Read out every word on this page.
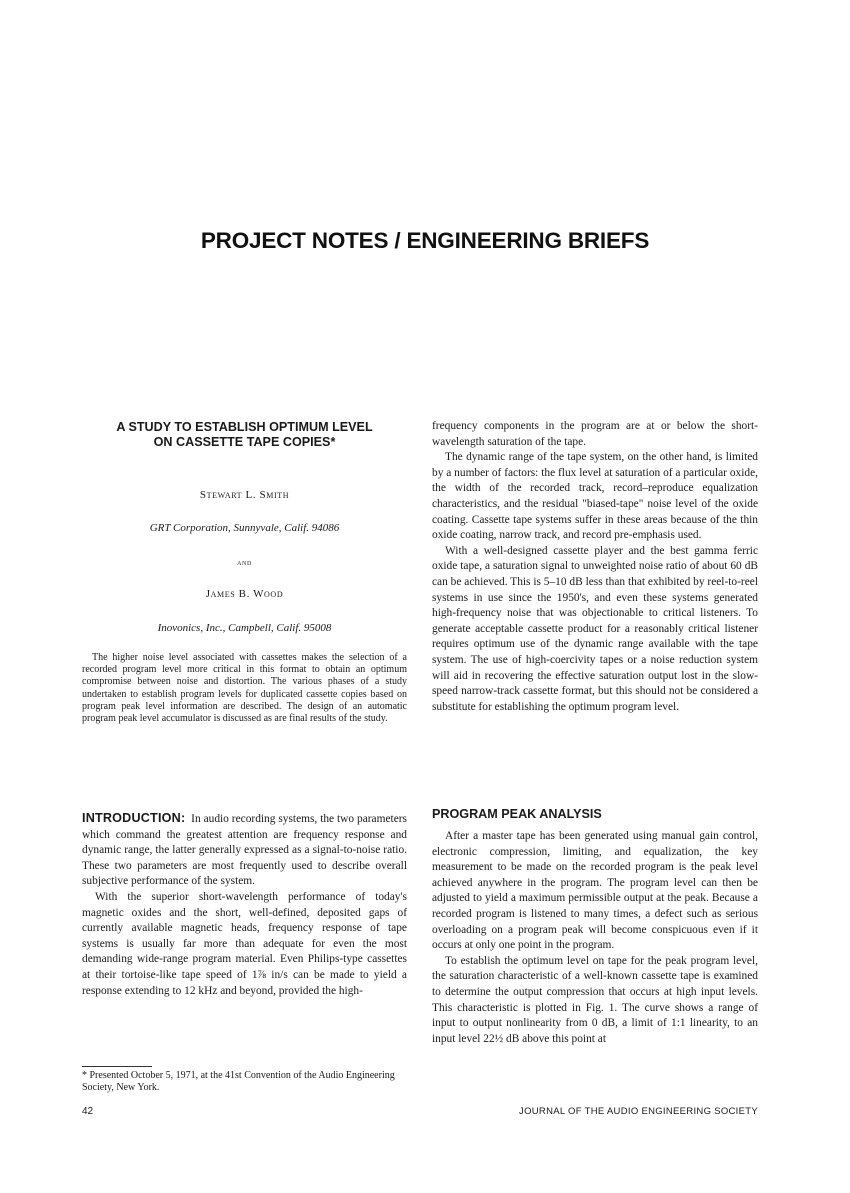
PROJECT NOTES / ENGINEERING BRIEFS
A STUDY TO ESTABLISH OPTIMUM LEVEL
ON CASSETTE TAPE COPIES*
Stewart L. Smith
GRT Corporation, Sunnyvale, Calif. 94086
and
James B. Wood
Inovonics, Inc., Campbell, Calif. 95008

The higher noise level associated with cassettes makes the selection of a recorded program level more critical in this format to obtain an optimum compromise between noise and distortion. The various phases of a study undertaken to establish program levels for duplicated cassette copies based on program peak level information are described. The design of an automatic program peak level accumulator is discussed as are final results of the study.

INTRODUCTION: In audio recording systems, the two parameters which command the greatest attention are frequency response and dynamic range, the latter generally expressed as a signal-to-noise ratio. These two parameters are most frequently used to describe overall subjective performance of the system.

With the superior short-wavelength performance of today's magnetic oxides and the short, well-defined, deposited gaps of currently available magnetic heads, frequency response of tape systems is usually far more than adequate for even the most demanding wide-range program material. Even Philips-type cassettes at their tortoise-like tape speed of 1⅞ in/s can be made to yield a response extending to 12 kHz and beyond, provided the high-

* Presented October 5, 1971, at the 41st Convention of the Audio Engineering Society, New York.

frequency components in the program are at or below the short-wavelength saturation of the tape.

The dynamic range of the tape system, on the other hand, is limited by a number of factors: the flux level at saturation of a particular oxide, the width of the recorded track, record–reproduce equalization characteristics, and the residual "biased-tape" noise level of the oxide coating. Cassette tape systems suffer in these areas because of the thin oxide coating, narrow track, and record pre-emphasis used.

With a well-designed cassette player and the best gamma ferric oxide tape, a saturation signal to unweighted noise ratio of about 60 dB can be achieved. This is 5–10 dB less than that exhibited by reel-to-reel systems in use since the 1950's, and even these systems generated high-frequency noise that was objectionable to critical listeners. To generate acceptable cassette product for a reasonably critical listener requires optimum use of the dynamic range available with the tape system. The use of high-coercivity tapes or a noise reduction system will aid in recovering the effective saturation output lost in the slow-speed narrow-track cassette format, but this should not be considered a substitute for establishing the optimum program level.

PROGRAM PEAK ANALYSIS

After a master tape has been generated using manual gain control, electronic compression, limiting, and equalization, the key measurement to be made on the recorded program is the peak level achieved anywhere in the program. The program level can then be adjusted to yield a maximum permissible output at the peak. Because a recorded program is listened to many times, a defect such as serious overloading on a program peak will become conspicuous even if it occurs at only one point in the program.

To establish the optimum level on tape for the peak program level, the saturation characteristic of a well-known cassette tape is examined to determine the output compression that occurs at high input levels. This characteristic is plotted in Fig. 1. The curve shows a range of input to output nonlinearity from 0 dB, a limit of 1:1 linearity, to an input level 22½ dB above this point at

42	JOURNAL OF THE AUDIO ENGINEERING SOCIETY
